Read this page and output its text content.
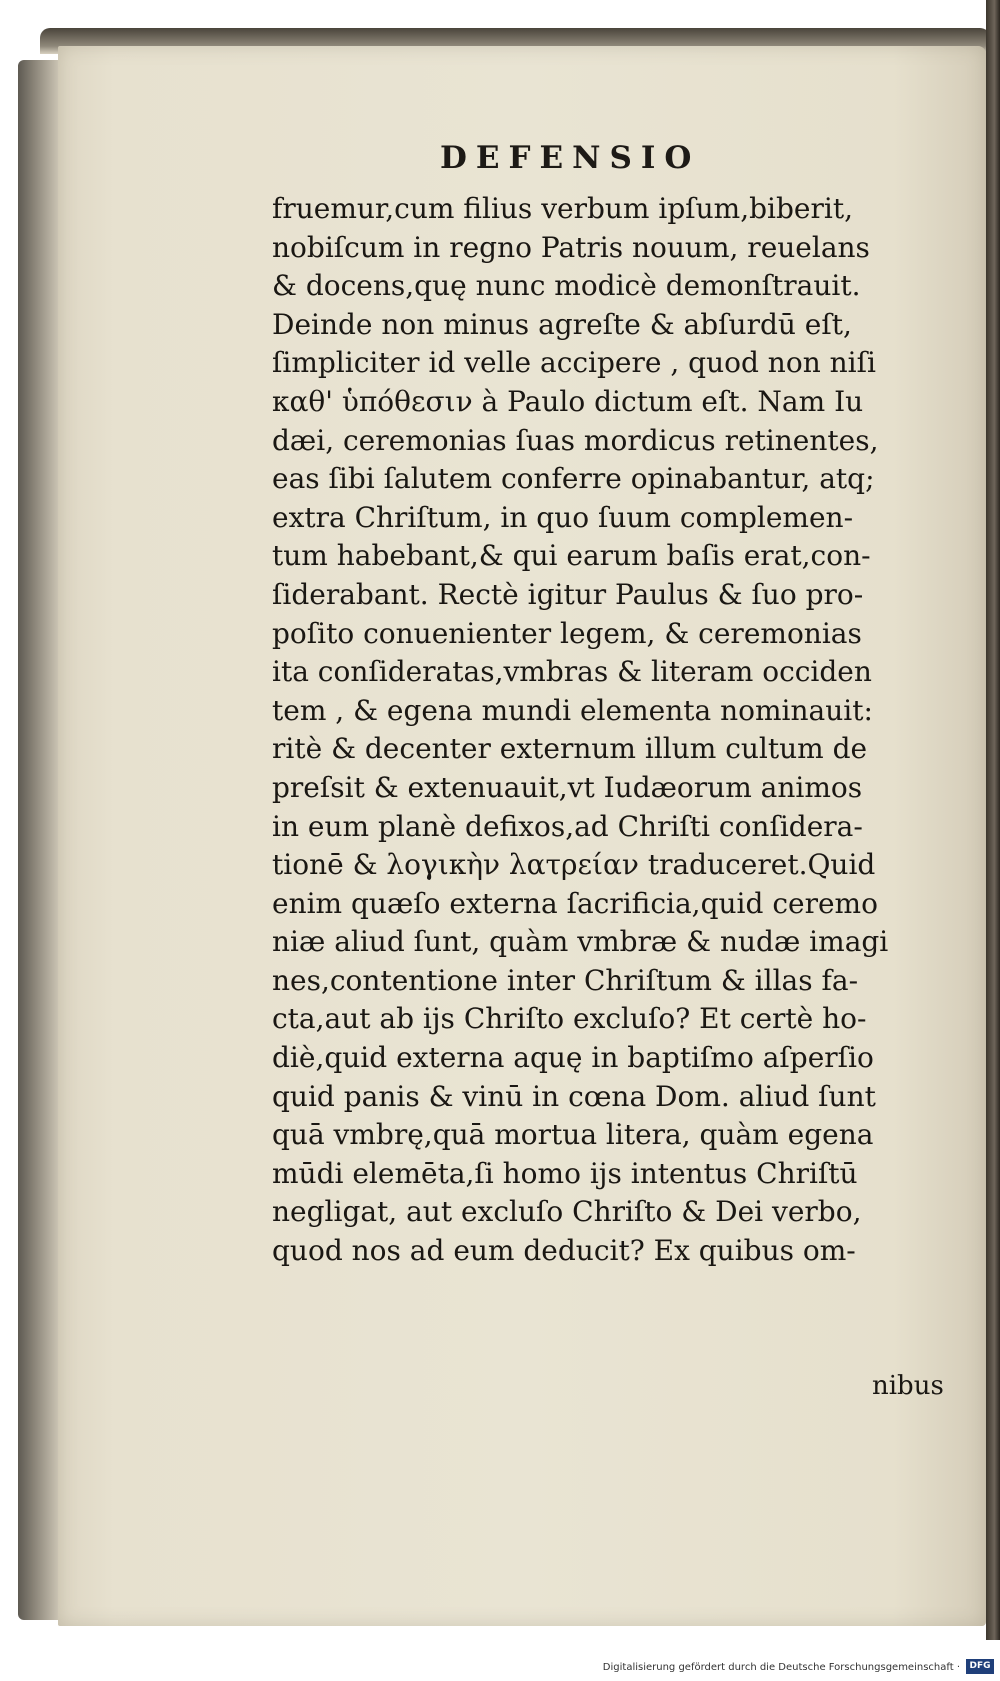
DEFENSIO
fruemur,cum filius verbum ipſum,biberit,
nobiſcum in regno Patris nouum, reuelans
& docens,quę nunc modicè demonſtrauit.
Deinde non minus agreſte & abſurdū eſt,
ſimpliciter id velle accipere , quod non niſi
καθ' ὑπόθεσιν à Paulo dictum eſt. Nam Iu
dæi, ceremonias ſuas mordicus retinentes,
eas ſibi ſalutem conferre opinabantur, atq;
extra Chriſtum, in quo ſuum complemen-
tum habebant,& qui earum baſis erat,con-
ſiderabant. Rectè igitur Paulus & ſuo pro-
poſito conuenienter legem, & ceremonias
ita conſideratas,vmbras & literam occiden
tem , & egena mundi elementa nominauit:
ritè & decenter externum illum cultum de
preſsit & extenuauit,vt Iudæorum animos
in eum planè defixos,ad Chriſti conſidera-
tionē & λογικὴν λατρείαν traduceret.Quid
enim quæſo externa ſacrificia,quid ceremo
niæ aliud ſunt, quàm vmbræ & nudæ imagi
nes,contentione inter Chriſtum & illas fa-
cta,aut ab ijs Chriſto excluſo? Et certè ho-
diè,quid externa aquę in baptiſmo aſperſio
quid panis & vinū in cœna Dom. aliud ſunt
quā vmbrę,quā mortua litera, quàm egena
mūdi elemēta,ſi homo ijs intentus Chriſtū
negligat, aut excluſo Chriſto & Dei verbo,
quod nos ad eum deducit? Ex quibus om-
nibus
Digitalisierung gefördert durch die Deutsche Forschungsgemeinschaft ·	DFG
